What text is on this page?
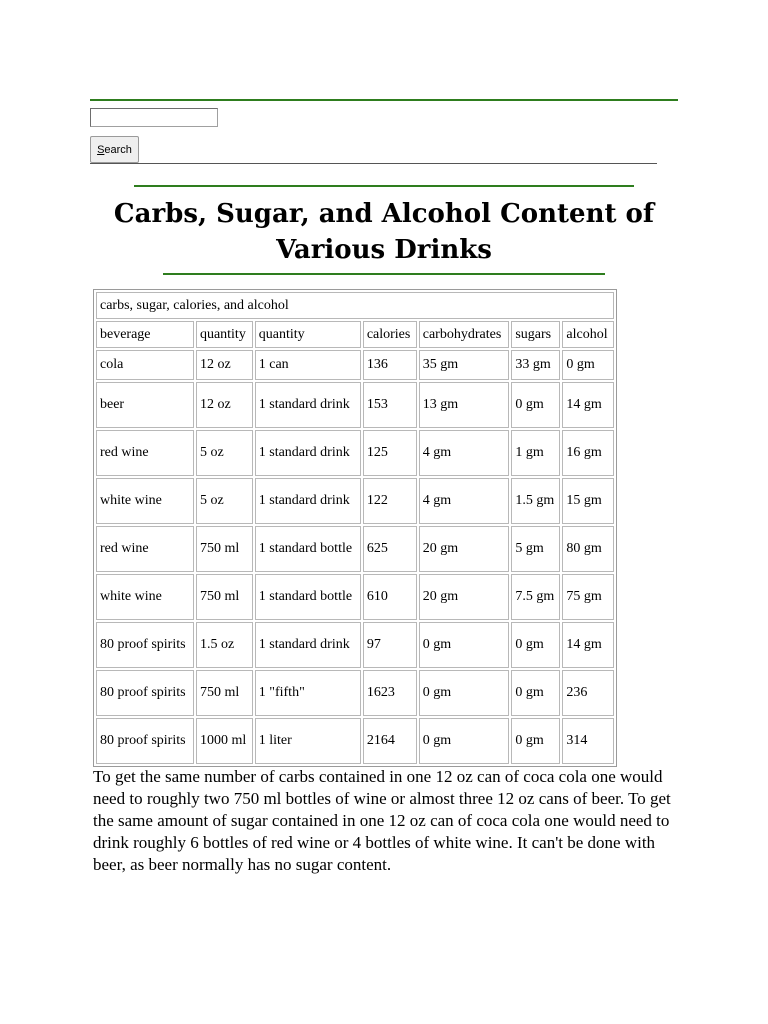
Search
Carbs, Sugar, and Alcohol Content of Various Drinks
carbs, sugar, calories, and alcohol						
beverage	quantity	quantity	calories	carbohydrates	sugars	alcohol
cola	12 oz	1 can	136	35 gm	33 gm	0 gm
beer	12 oz	1 standard drink	153	13 gm	0 gm	14 gm
red wine	5 oz	1 standard drink	125	4 gm	1 gm	16 gm
white wine	5 oz	1 standard drink	122	4 gm	1.5 gm	15 gm
red wine	750 ml	1 standard bottle	625	20 gm	5 gm	80 gm
white wine	750 ml	1 standard bottle	610	20 gm	7.5 gm	75 gm
80 proof spirits	1.5 oz	1 standard drink	97	0 gm	0 gm	14 gm
80 proof spirits	750 ml	1 "fifth"	1623	0 gm	0 gm	236
80 proof spirits	1000 ml	1 liter	2164	0 gm	0 gm	314

To get the same number of carbs contained in one 12 oz can of coca cola one would need to roughly two 750 ml bottles of wine or almost three 12 oz cans of beer. To get the same amount of sugar contained in one 12 oz can of coca cola one would need to drink roughly 6 bottles of red wine or 4 bottles of white wine. It can't be done with beer, as beer normally has no sugar content.
